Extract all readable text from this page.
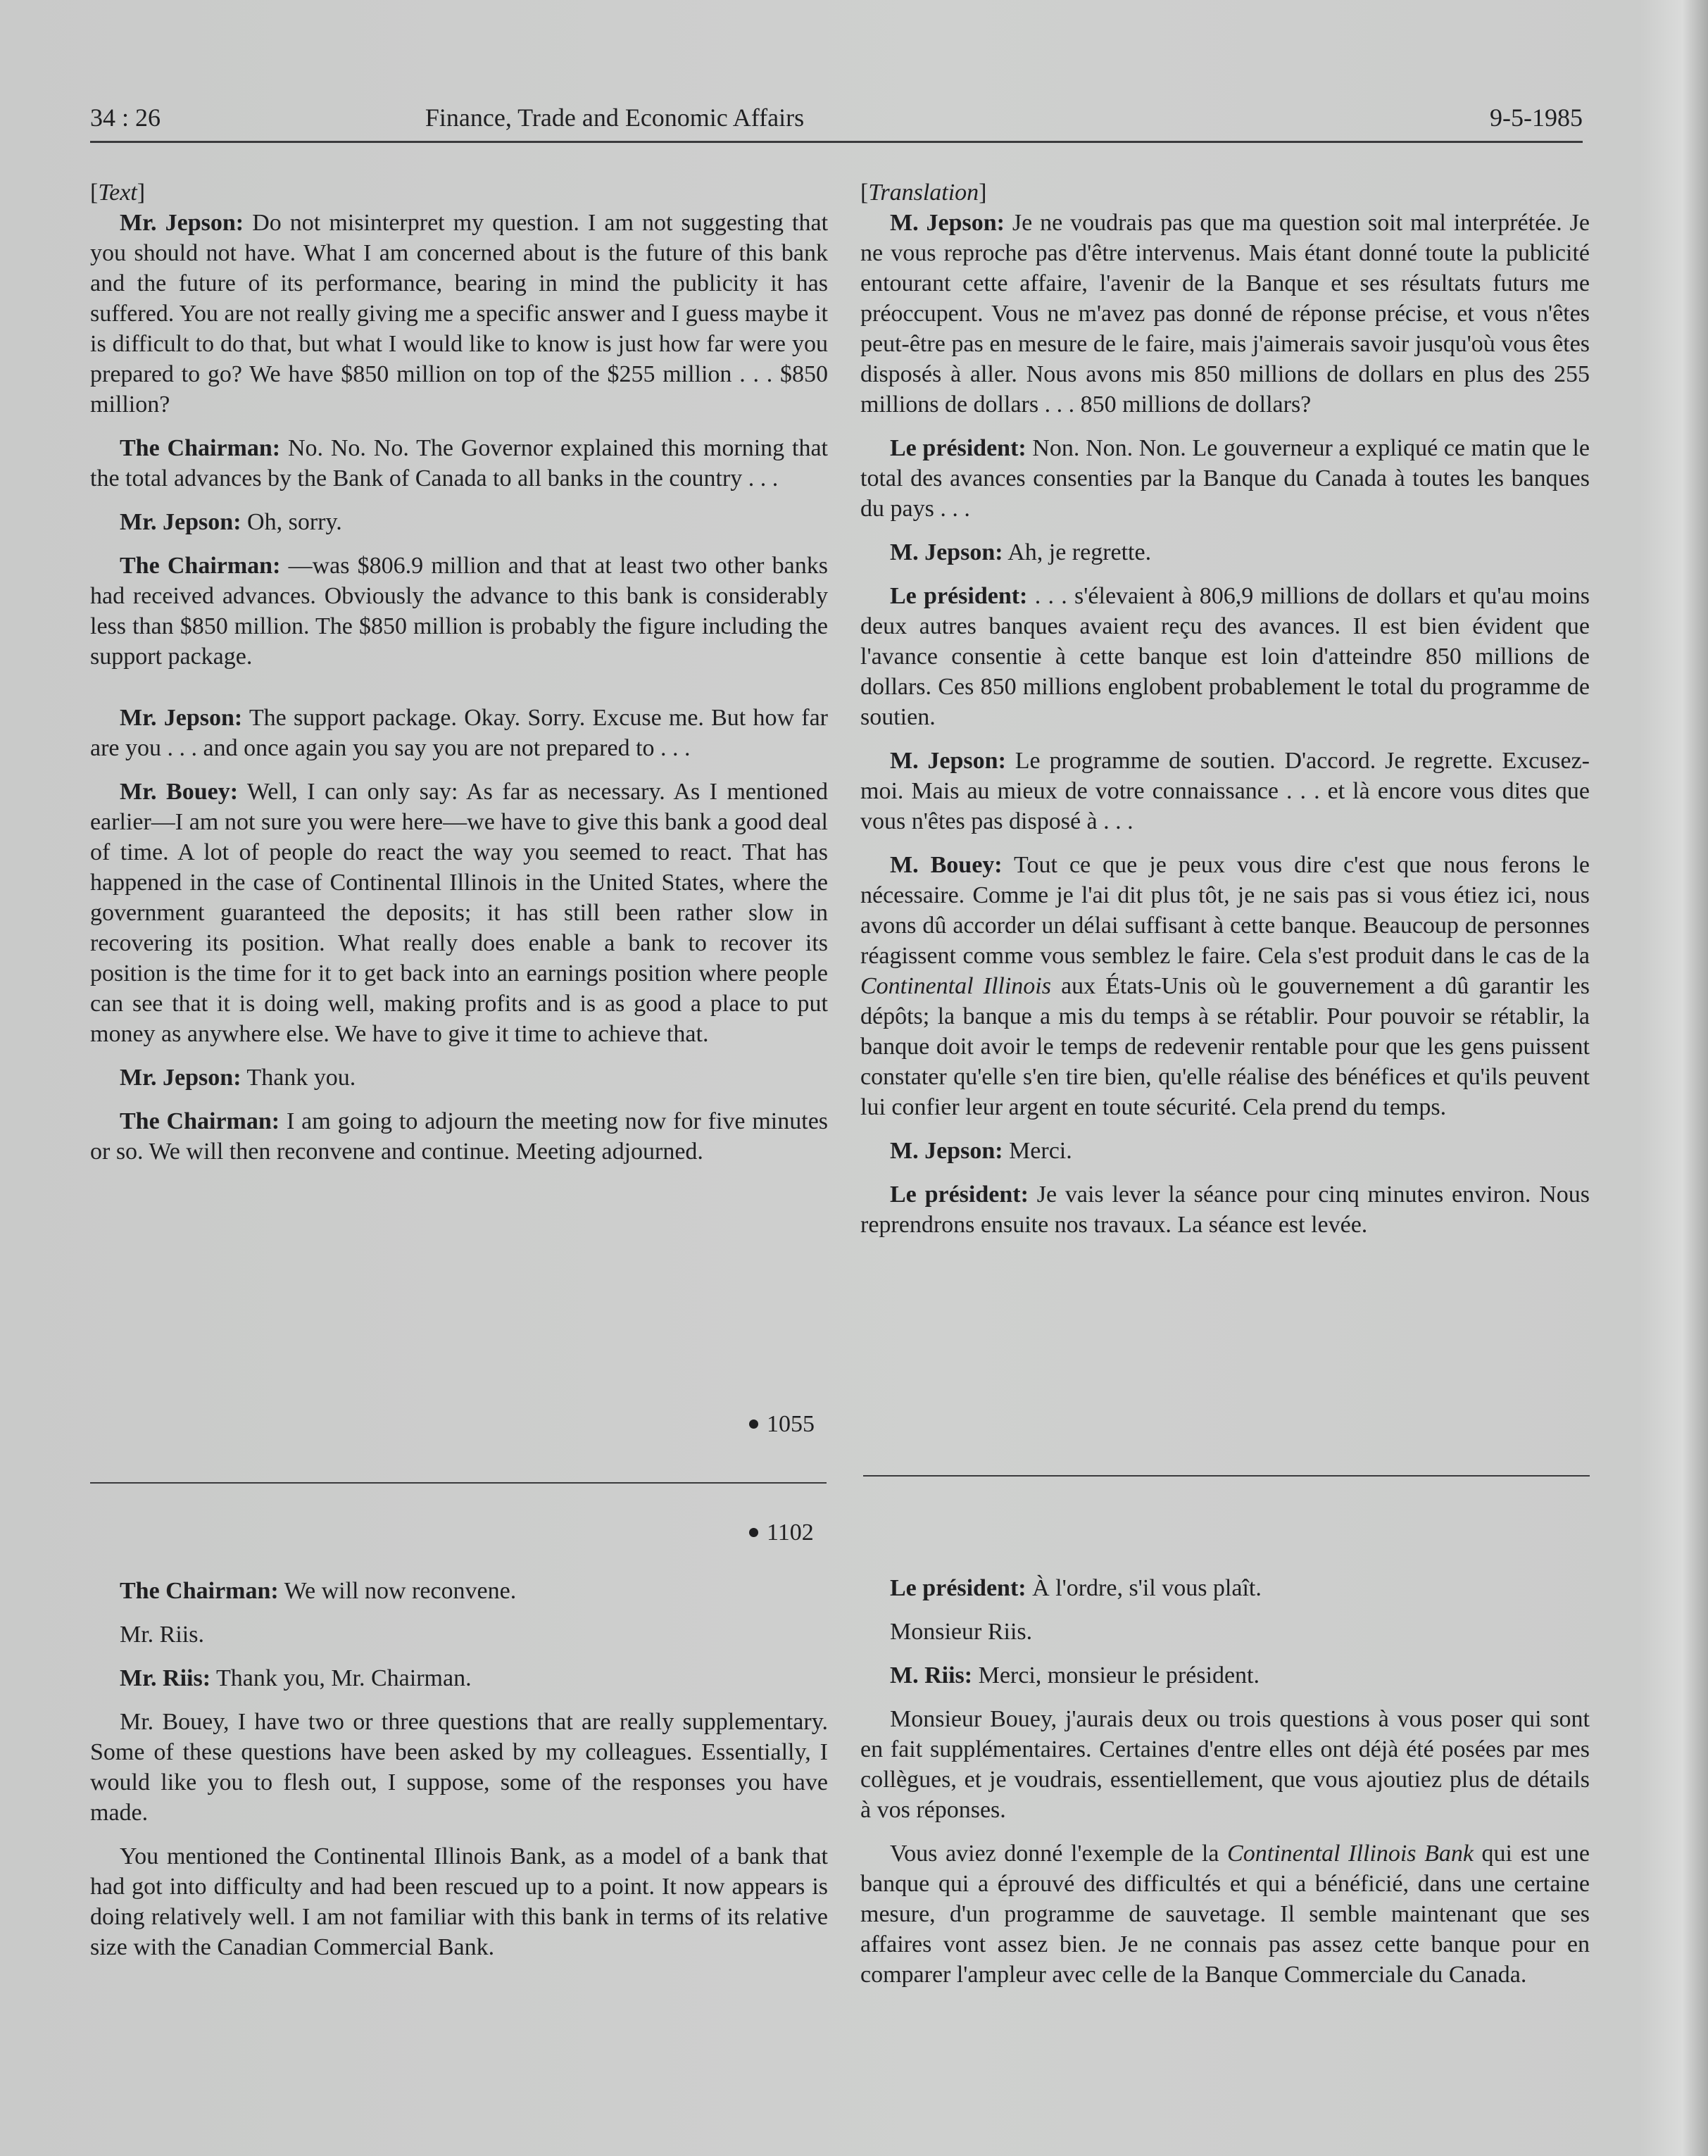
34 : 26	Finance, Trade and Economic Affairs	9-5-1985

[Text]

Mr. Jepson: Do not misinterpret my question. I am not suggesting that you should not have. What I am concerned about is the future of this bank and the future of its performance, bearing in mind the publicity it has suffered. You are not really giving me a specific answer and I guess maybe it is difficult to do that, but what I would like to know is just how far were you prepared to go? We have $850 million on top of the $255 million . . . $850 million?

The Chairman: No. No. No. The Governor explained this morning that the total advances by the Bank of Canada to all banks in the country . . .

Mr. Jepson: Oh, sorry.

The Chairman: —was $806.9 million and that at least two other banks had received advances. Obviously the advance to this bank is considerably less than $850 million. The $850 million is probably the figure including the support package.

Mr. Jepson: The support package. Okay. Sorry. Excuse me. But how far are you . . . and once again you say you are not prepared to . . .

Mr. Bouey: Well, I can only say: As far as necessary. As I mentioned earlier—I am not sure you were here—we have to give this bank a good deal of time. A lot of people do react the way you seemed to react. That has happened in the case of Continental Illinois in the United States, where the government guaranteed the deposits; it has still been rather slow in recovering its position. What really does enable a bank to recover its position is the time for it to get back into an earnings position where people can see that it is doing well, making profits and is as good a place to put money as anywhere else. We have to give it time to achieve that.

Mr. Jepson: Thank you.

The Chairman: I am going to adjourn the meeting now for five minutes or so. We will then reconvene and continue. Meeting adjourned.

[Translation]

M. Jepson: Je ne voudrais pas que ma question soit mal interprétée. Je ne vous reproche pas d'être intervenus. Mais étant donné toute la publicité entourant cette affaire, l'avenir de la Banque et ses résultats futurs me préoccupent. Vous ne m'avez pas donné de réponse précise, et vous n'êtes peut-être pas en mesure de le faire, mais j'aimerais savoir jusqu'où vous êtes disposés à aller. Nous avons mis 850 millions de dollars en plus des 255 millions de dollars . . . 850 millions de dollars?

Le président: Non. Non. Non. Le gouverneur a expliqué ce matin que le total des avances consenties par la Banque du Canada à toutes les banques du pays . . .

M. Jepson: Ah, je regrette.

Le président: . . . s'élevaient à 806,9 millions de dollars et qu'au moins deux autres banques avaient reçu des avances. Il est bien évident que l'avance consentie à cette banque est loin d'atteindre 850 millions de dollars. Ces 850 millions englobent probablement le total du programme de soutien.

M. Jepson: Le programme de soutien. D'accord. Je regrette. Excusez-moi. Mais au mieux de votre connaissance . . . et là encore vous dites que vous n'êtes pas disposé à . . .

M. Bouey: Tout ce que je peux vous dire c'est que nous ferons le nécessaire. Comme je l'ai dit plus tôt, je ne sais pas si vous étiez ici, nous avons dû accorder un délai suffisant à cette banque. Beaucoup de personnes réagissent comme vous semblez le faire. Cela s'est produit dans le cas de la Continental Illinois aux États-Unis où le gouvernement a dû garantir les dépôts; la banque a mis du temps à se rétablir. Pour pouvoir se rétablir, la banque doit avoir le temps de redevenir rentable pour que les gens puissent constater qu'elle s'en tire bien, qu'elle réalise des bénéfices et qu'ils peuvent lui confier leur argent en toute sécurité. Cela prend du temps.

M. Jepson: Merci.

Le président: Je vais lever la séance pour cinq minutes environ. Nous reprendrons ensuite nos travaux. La séance est levée.

1055
1102

The Chairman: We will now reconvene.

Mr. Riis.

Mr. Riis: Thank you, Mr. Chairman.

Mr. Bouey, I have two or three questions that are really supplementary. Some of these questions have been asked by my colleagues. Essentially, I would like you to flesh out, I suppose, some of the responses you have made.

You mentioned the Continental Illinois Bank, as a model of a bank that had got into difficulty and had been rescued up to a point. It now appears is doing relatively well. I am not familiar with this bank in terms of its relative size with the Canadian Commercial Bank.

Le président: À l'ordre, s'il vous plaît.

Monsieur Riis.

M. Riis: Merci, monsieur le président.

Monsieur Bouey, j'aurais deux ou trois questions à vous poser qui sont en fait supplémentaires. Certaines d'entre elles ont déjà été posées par mes collègues, et je voudrais, essentiellement, que vous ajoutiez plus de détails à vos réponses.

Vous aviez donné l'exemple de la Continental Illinois Bank qui est une banque qui a éprouvé des difficultés et qui a bénéficié, dans une certaine mesure, d'un programme de sauvetage. Il semble maintenant que ses affaires vont assez bien. Je ne connais pas assez cette banque pour en comparer l'ampleur avec celle de la Banque Commerciale du Canada.
